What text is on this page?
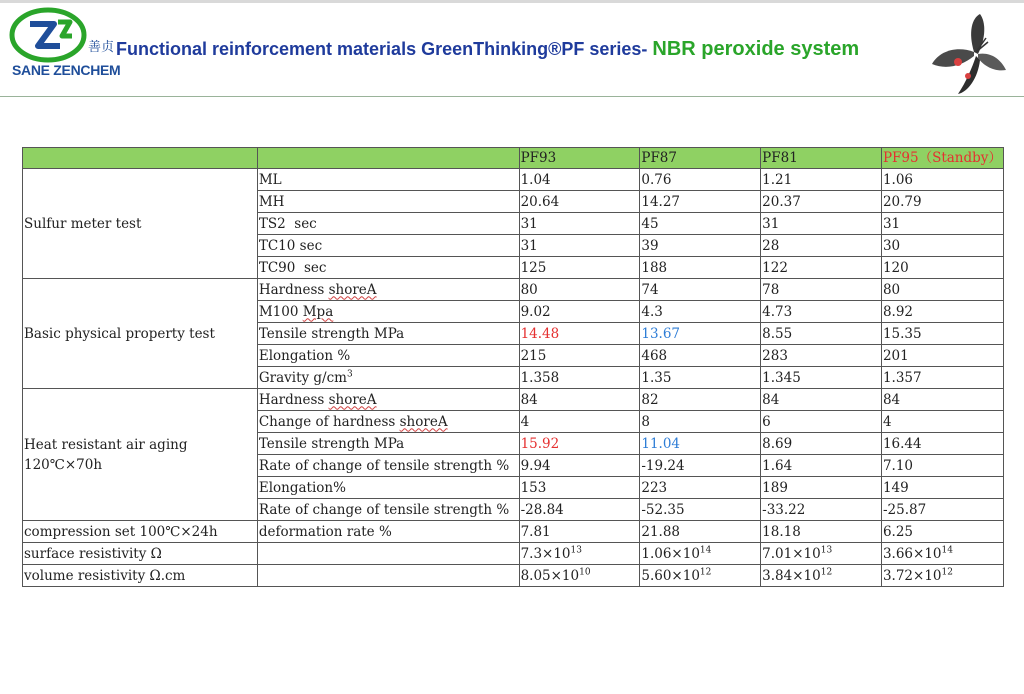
善贞
SANE ZENCHEM
Functional reinforcement materials GreenThinking®PF series- NBR peroxide system
		PF93	PF87	PF81	PF95（Standby）
Sulfur meter test	ML	1.04	0.76	1.21	1.06
	MH	20.64	14.27	20.37	20.79
	TS2  sec	31	45	31	31
	TC10 sec	31	39	28	30
	TC90  sec	125	188	122	120
Basic physical property test	Hardness shoreA	80	74	78	80
	M100 Mpa	9.02	4.3	4.73	8.92
	Tensile strength MPa	14.48	13.67	8.55	15.35
	Elongation %	215	468	283	201
	Gravity $g/cm^3$	1.358	1.35	1.345	1.357
Heat resistant air aging 120℃×70h	Hardness shoreA	84	82	84	84
	Change of hardness shoreA	4	8	6	4
	Tensile strength MPa	15.92	11.04	8.69	16.44
	Rate of change of tensile strength %	9.94	-19.24	1.64	7.10
	Elongation%	153	223	189	149
	Rate of change of tensile strength %	-28.84	-52.35	-33.22	-25.87
compression set 100℃×24h	deformation rate %	7.81	21.88	18.18	6.25
surface resistivity Ω		$7.3\times 10^{13}$	$1.06\times 10^{14}$	$7.01\times 10^{13}$	$3.66\times 10^{14}$
volume resistivity Ω.cm		$8.05\times 10^{10}$	$5.60\times 10^{12}$	$3.84\times 10^{12}$	$3.72\times 10^{12}$
